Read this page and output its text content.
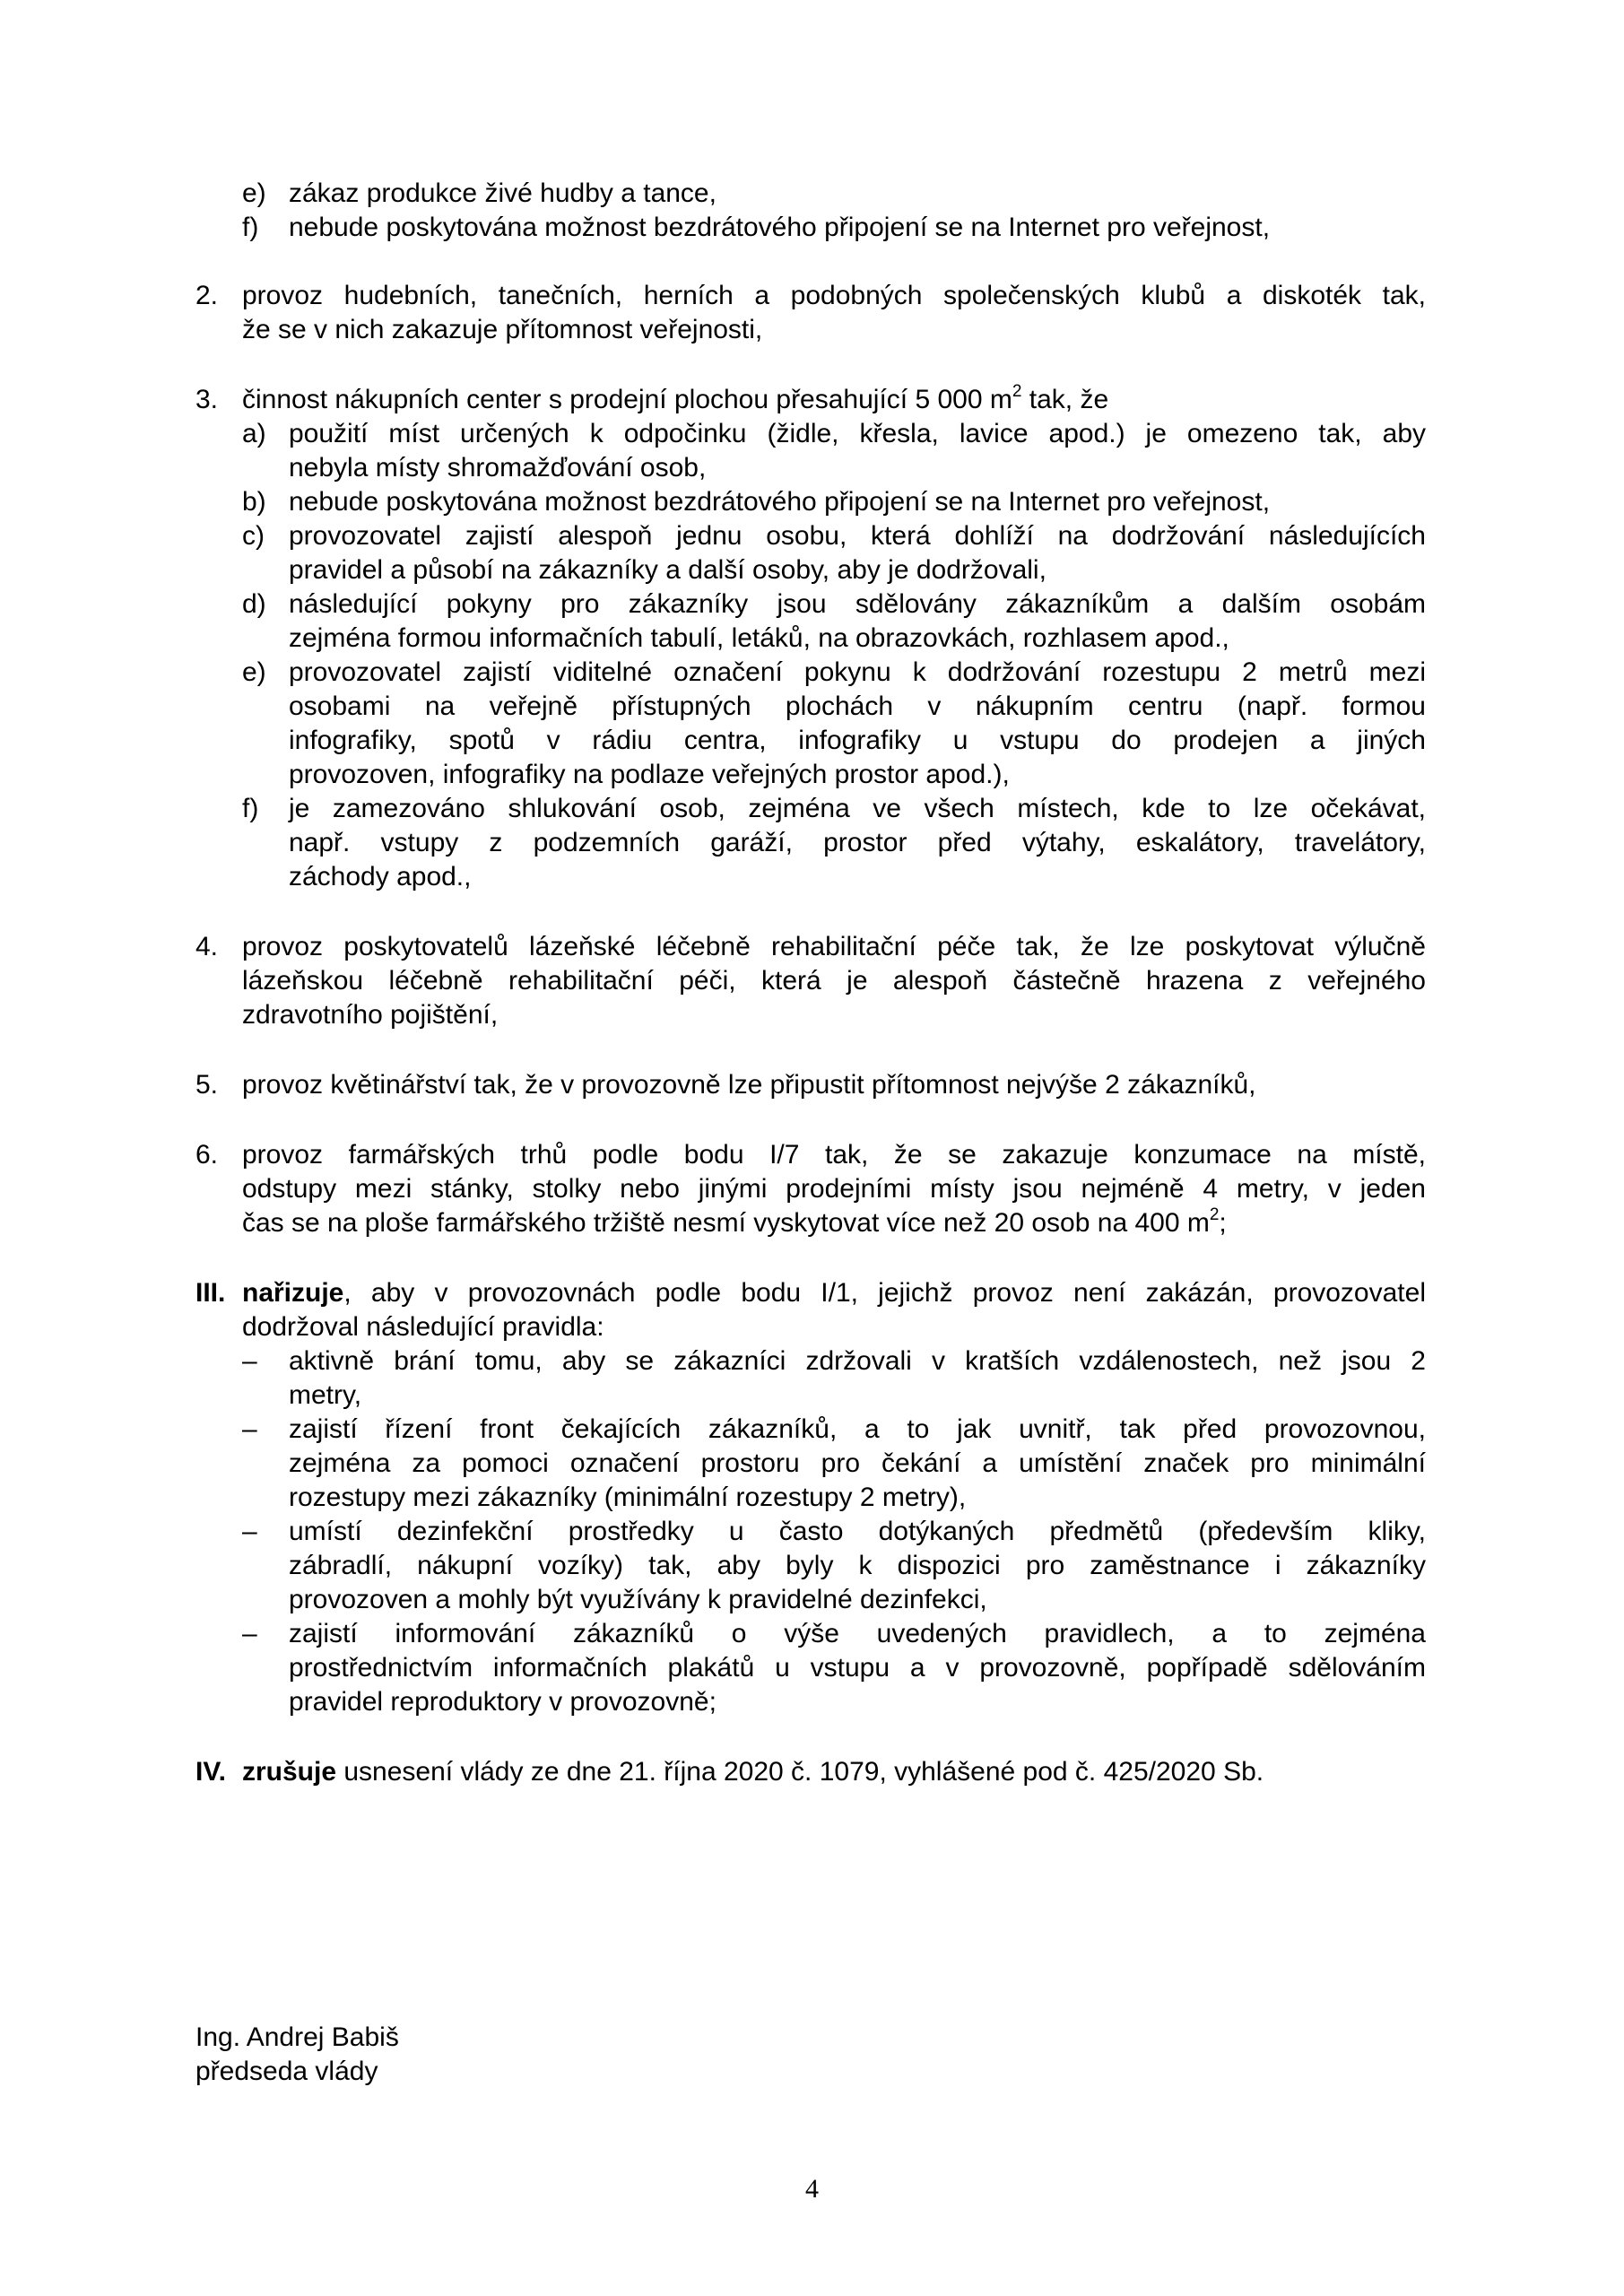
e) zákaz produkce živé hudby a tance,
f) nebude poskytována možnost bezdrátového připojení se na Internet pro veřejnost,
2. provoz hudebních, tanečních, herních a podobných společenských klubů a diskoték tak,
že se v nich zakazuje přítomnost veřejnosti,
3. činnost nákupních center s prodejní plochou přesahující 5 000 $m^2$ tak, že
a) použití míst určených k odpočinku (židle, křesla, lavice apod.) je omezeno tak, aby
nebyla místy shromažďování osob,
b) nebude poskytována možnost bezdrátového připojení se na Internet pro veřejnost,
c) provozovatel zajistí alespoň jednu osobu, která dohlíží na dodržování následujících
pravidel a působí na zákazníky a další osoby, aby je dodržovali,
d) následující pokyny pro zákazníky jsou sdělovány zákazníkům a dalším osobám
zejména formou informačních tabulí, letáků, na obrazovkách, rozhlasem apod.,
e) provozovatel zajistí viditelné označení pokynu k dodržování rozestupu 2 metrů mezi
osobami na veřejně přístupných plochách v nákupním centru (např. formou
infografiky, spotů v rádiu centra, infografiky u vstupu do prodejen a jiných
provozoven, infografiky na podlaze veřejných prostor apod.),
f) je zamezováno shlukování osob, zejména ve všech místech, kde to lze očekávat,
např. vstupy z podzemních garáží, prostor před výtahy, eskalátory, travelátory,
záchody apod.,
4. provoz poskytovatelů lázeňské léčebně rehabilitační péče tak, že lze poskytovat výlučně
lázeňskou léčebně rehabilitační péči, která je alespoň částečně hrazena z veřejného
zdravotního pojištění,
5. provoz květinářství tak, že v provozovně lze připustit přítomnost nejvýše 2 zákazníků,
6. provoz farmářských trhů podle bodu I/7 tak, že se zakazuje konzumace na místě,
odstupy mezi stánky, stolky nebo jinými prodejními místy jsou nejméně 4 metry, v jeden
čas se na ploše farmářského tržiště nesmí vyskytovat více než 20 osob na 400 $m^2$;
III. nařizuje, aby v provozovnách podle bodu I/1, jejichž provoz není zakázán, provozovatel
dodržoval následující pravidla:
– aktivně brání tomu, aby se zákazníci zdržovali v kratších vzdálenostech, než jsou 2
metry,
– zajistí řízení front čekajících zákazníků, a to jak uvnitř, tak před provozovnou,
zejména za pomoci označení prostoru pro čekání a umístění značek pro minimální
rozestupy mezi zákazníky (minimální rozestupy 2 metry),
– umístí dezinfekční prostředky u často dotýkaných předmětů (především kliky,
zábradlí, nákupní vozíky) tak, aby byly k dispozici pro zaměstnance i zákazníky
provozoven a mohly být využívány k pravidelné dezinfekci,
– zajistí informování zákazníků o výše uvedených pravidlech, a to zejména
prostřednictvím informačních plakátů u vstupu a v provozovně, popřípadě sdělováním
pravidel reproduktory v provozovně;
IV. zrušuje usnesení vlády ze dne 21. října 2020 č. 1079, vyhlášené pod č. 425/2020 Sb.
Ing. Andrej Babiš
předseda vlády
4
